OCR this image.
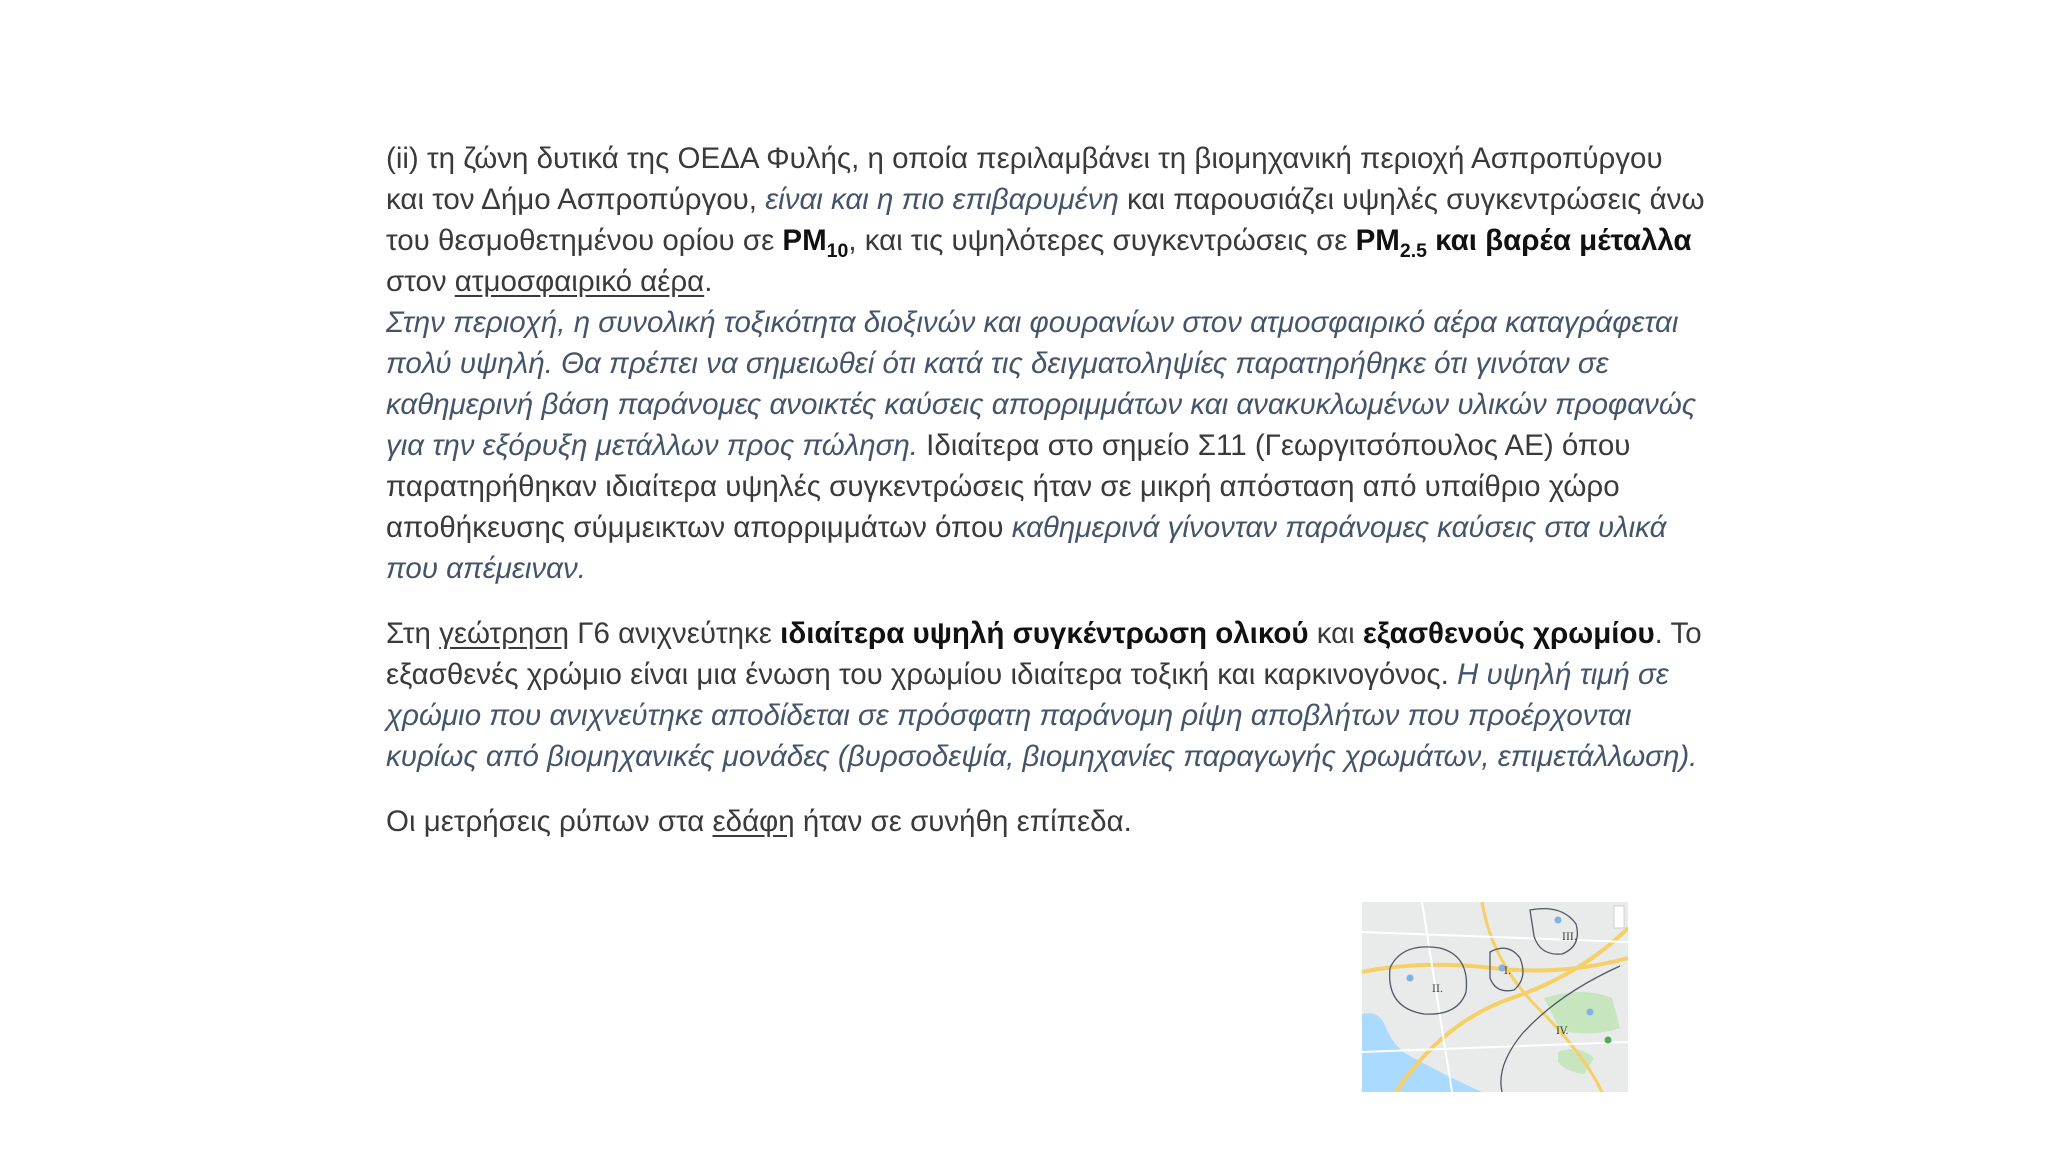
(ii) τη ζώνη δυτικά της ΟΕΔΑ Φυλής, η οποία περιλαμβάνει τη βιομηχανική περιοχή Ασπροπύργου και τον Δήμο Ασπροπύργου, είναι και η πιο επιβαρυμένη και παρουσιάζει υψηλές συγκεντρώσεις άνω του θεσμοθετημένου ορίου σε $PM_{10}$, και τις υψηλότερες συγκεντρώσεις σε $PM_{2.5}$ και βαρέα μέταλλα στον ατμοσφαιρικό αέρα.
Στην περιοχή, η συνολική τοξικότητα διοξινών και φουρανίων στον ατμοσφαιρικό αέρα καταγράφεται πολύ υψηλή. Θα πρέπει να σημειωθεί ότι κατά τις δειγματοληψίες παρατηρήθηκε ότι γινόταν σε καθημερινή βάση παράνομες ανοικτές καύσεις απορριμμάτων και ανακυκλωμένων υλικών προφανώς για την εξόρυξη μετάλλων προς πώληση. Ιδιαίτερα στο σημείο Σ11 (Γεωργιτσόπουλος ΑΕ) όπου παρατηρήθηκαν ιδιαίτερα υψηλές συγκεντρώσεις ήταν σε μικρή απόσταση από υπαίθριο χώρο αποθήκευσης σύμμεικτων απορριμμάτων όπου καθημερινά γίνονταν παράνομες καύσεις στα υλικά που απέμειναν.

Στη γεώτρηση Γ6 ανιχνεύτηκε ιδιαίτερα υψηλή συγκέντρωση ολικού και εξασθενούς χρωμίου. Το εξασθενές χρώμιο είναι μια ένωση του χρωμίου ιδιαίτερα τοξική και καρκινογόνος. Η υψηλή τιμή σε χρώμιο που ανιχνεύτηκε αποδίδεται σε πρόσφατη παράνομη ρίψη αποβλήτων που προέρχονται κυρίως από βιομηχανικές μονάδες (βυρσοδεψία, βιομηχανίες παραγωγής χρωμάτων, επιμετάλλωση).

Οι μετρήσεις ρύπων στα εδάφη ήταν σε συνήθη επίπεδα.

II.
I.
III.
IV.
